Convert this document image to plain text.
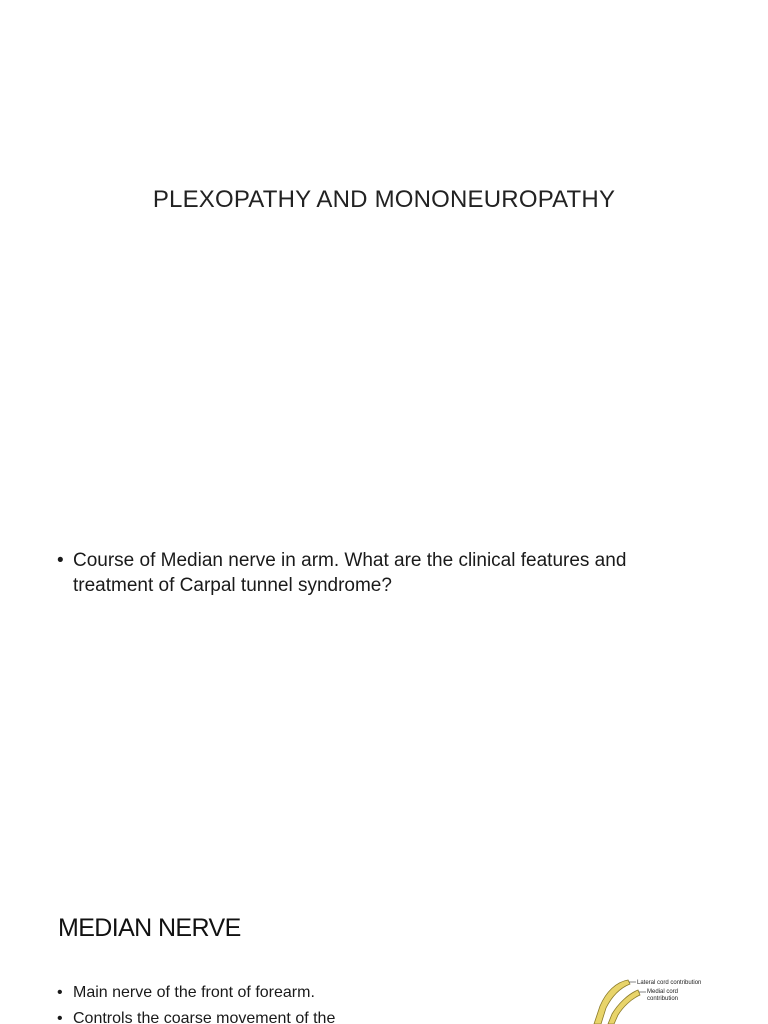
PLEXOPATHY AND MONONEUROPATHY
• Course of Median nerve in arm. What are the clinical features and treatment of Carpal tunnel syndrome?
MEDIAN NERVE
• Main nerve of the front of forearm.
• Controls the coarse movement of the
Lateral cord contribution
Medial cord
contribution
